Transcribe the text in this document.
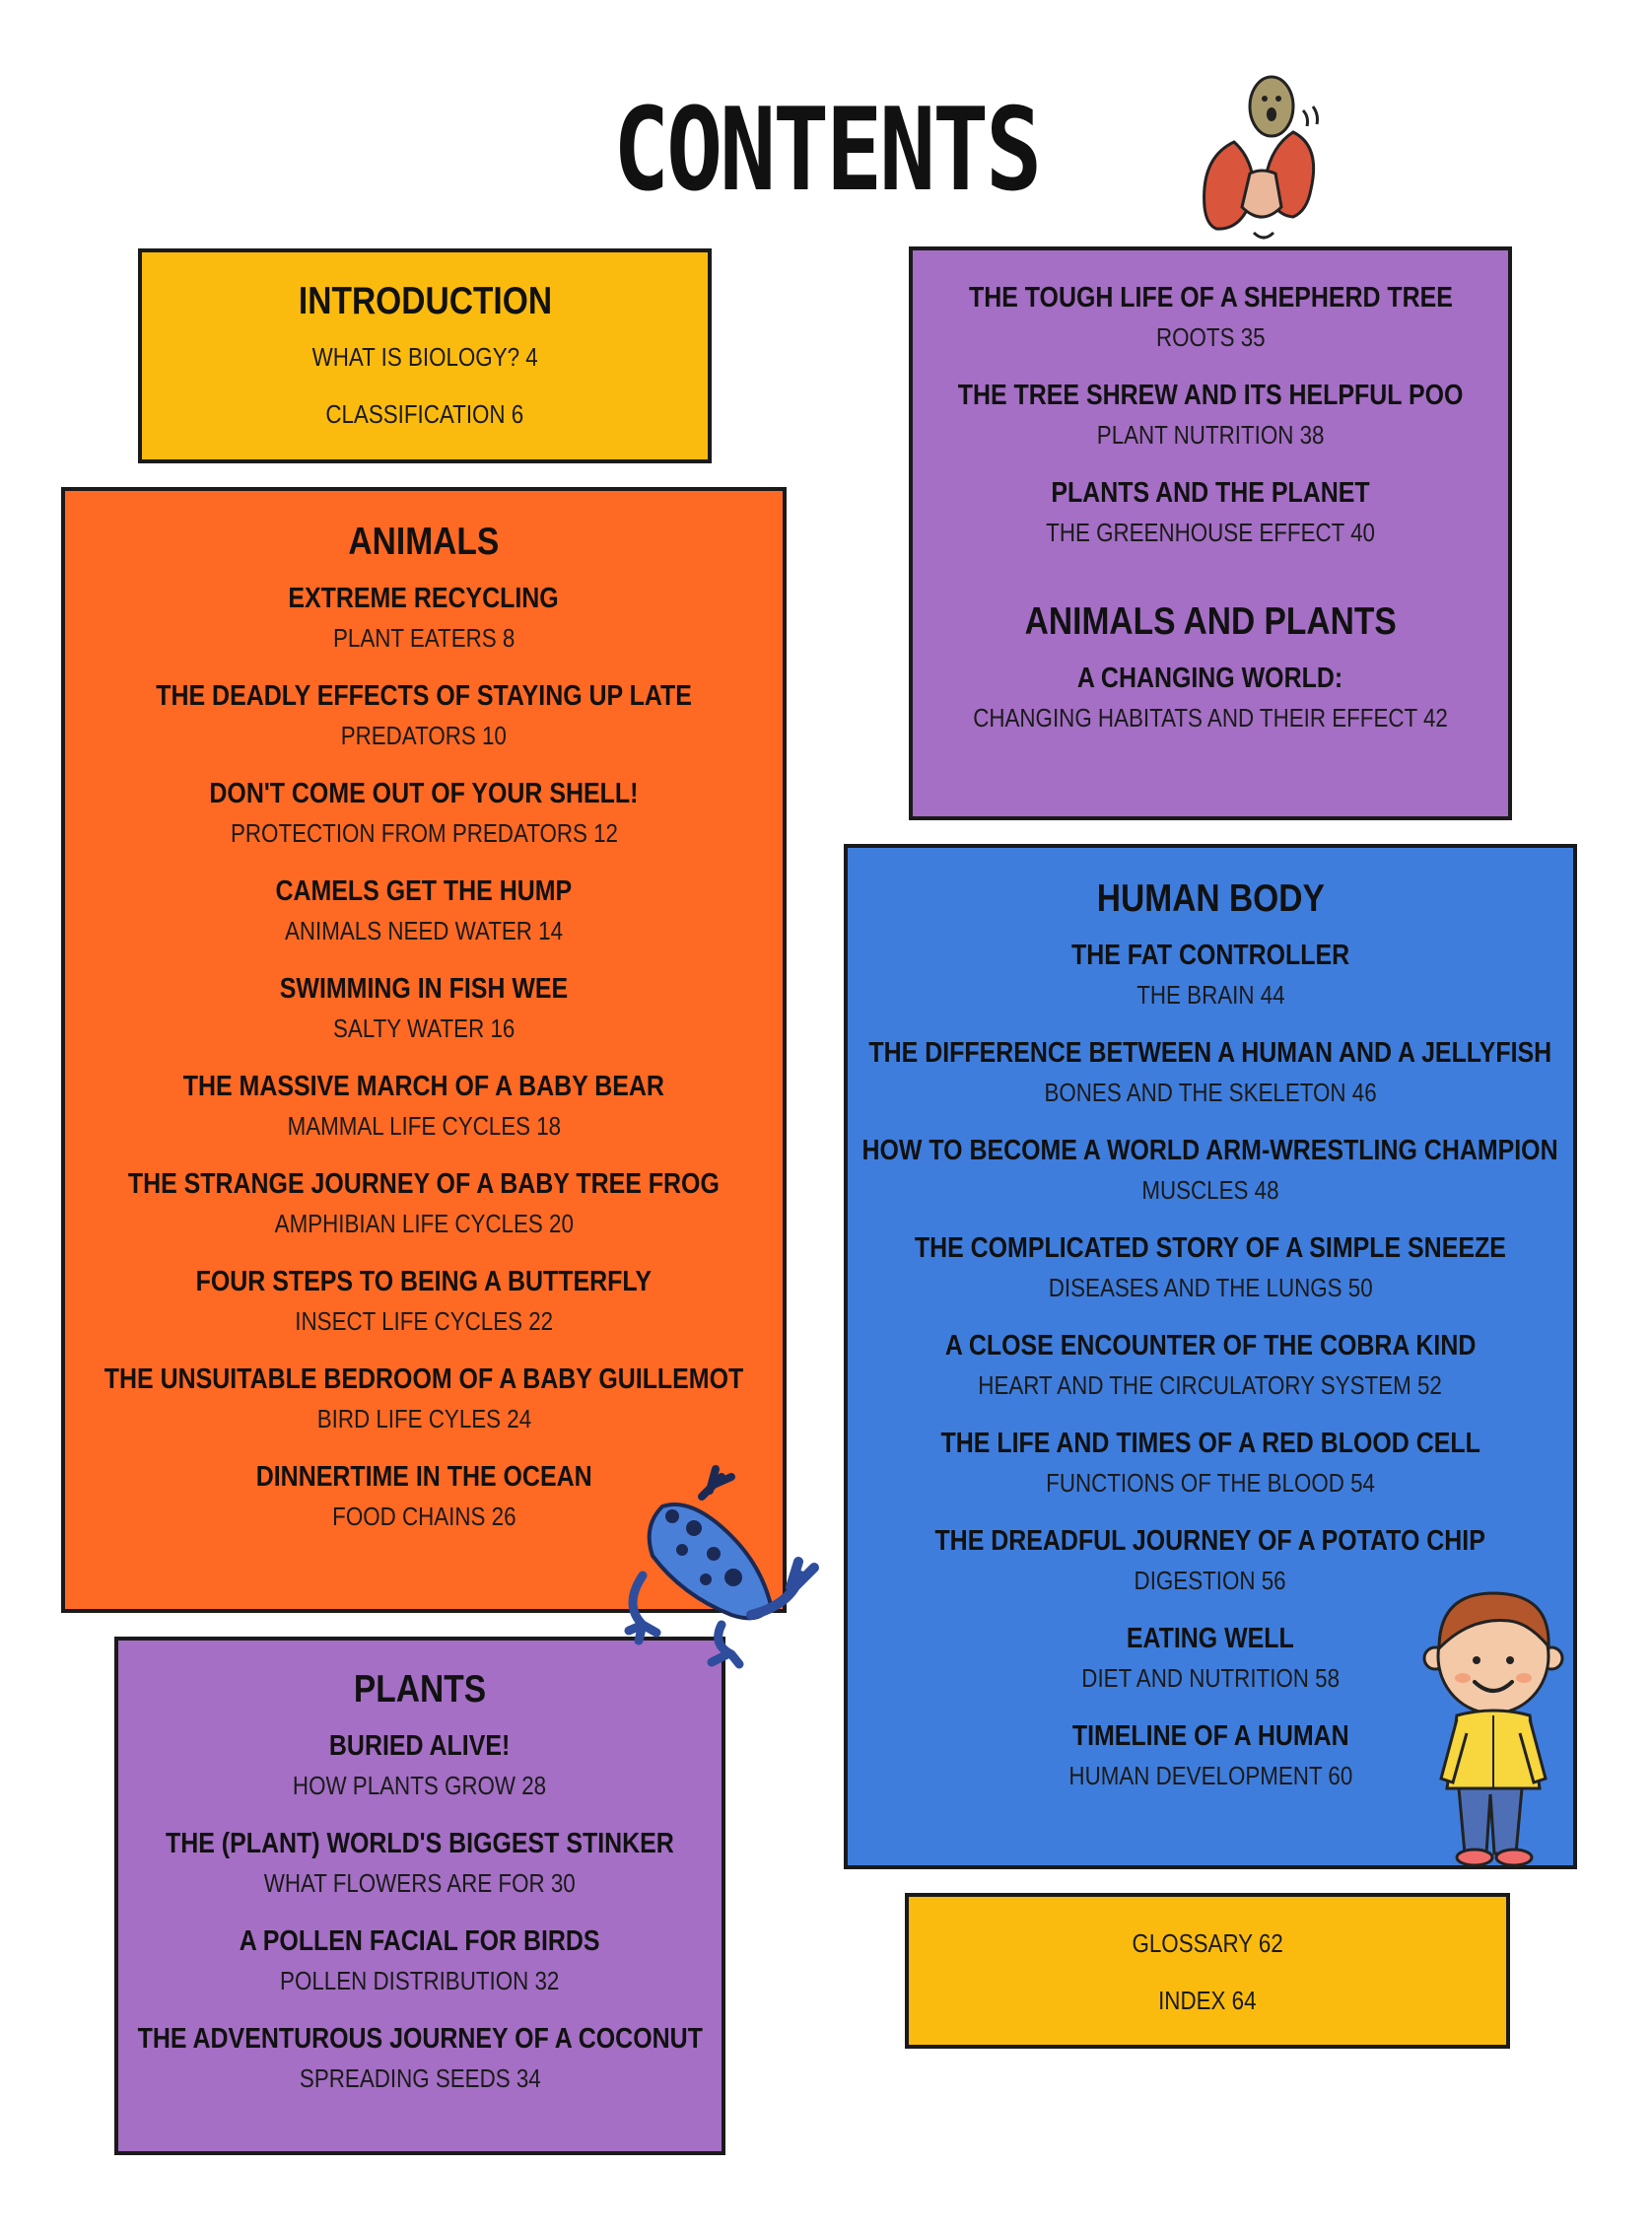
CONTENTS
INTRODUCTION
WHAT IS BIOLOGY? 4
CLASSIFICATION 6
ANIMALS
EXTREME RECYCLING
PLANT EATERS 8
THE DEADLY EFFECTS OF STAYING UP LATE
PREDATORS 10
DON'T COME OUT OF YOUR SHELL!
PROTECTION FROM PREDATORS 12
CAMELS GET THE HUMP
ANIMALS NEED WATER 14
SWIMMING IN FISH WEE
SALTY WATER 16
THE MASSIVE MARCH OF A BABY BEAR
MAMMAL LIFE CYCLES 18
THE STRANGE JOURNEY OF A BABY TREE FROG
AMPHIBIAN LIFE CYCLES 20
FOUR STEPS TO BEING A BUTTERFLY
INSECT LIFE CYCLES 22
THE UNSUITABLE BEDROOM OF A BABY GUILLEMOT
BIRD LIFE CYLES 24
DINNERTIME IN THE OCEAN
FOOD CHAINS 26
PLANTS
BURIED ALIVE!
HOW PLANTS GROW 28
THE (PLANT) WORLD'S BIGGEST STINKER
WHAT FLOWERS ARE FOR 30
A POLLEN FACIAL FOR BIRDS
POLLEN DISTRIBUTION 32
THE ADVENTUROUS JOURNEY OF A COCONUT
SPREADING SEEDS 34
THE TOUGH LIFE OF A SHEPHERD TREE
ROOTS 35
THE TREE SHREW AND ITS HELPFUL POO
PLANT NUTRITION 38
PLANTS AND THE PLANET
THE GREENHOUSE EFFECT 40
ANIMALS AND PLANTS
A CHANGING WORLD:
CHANGING HABITATS AND THEIR EFFECT 42
HUMAN BODY
THE FAT CONTROLLER
THE BRAIN 44
THE DIFFERENCE BETWEEN A HUMAN AND A JELLYFISH
BONES AND THE SKELETON 46
HOW TO BECOME A WORLD ARM-WRESTLING CHAMPION
MUSCLES 48
THE COMPLICATED STORY OF A SIMPLE SNEEZE
DISEASES AND THE LUNGS 50
A CLOSE ENCOUNTER OF THE COBRA KIND
HEART AND THE CIRCULATORY SYSTEM 52
THE LIFE AND TIMES OF A RED BLOOD CELL
FUNCTIONS OF THE BLOOD 54
THE DREADFUL JOURNEY OF A POTATO CHIP
DIGESTION 56
EATING WELL
DIET AND NUTRITION 58
TIMELINE OF A HUMAN
HUMAN DEVELOPMENT 60
GLOSSARY 62
INDEX 64
